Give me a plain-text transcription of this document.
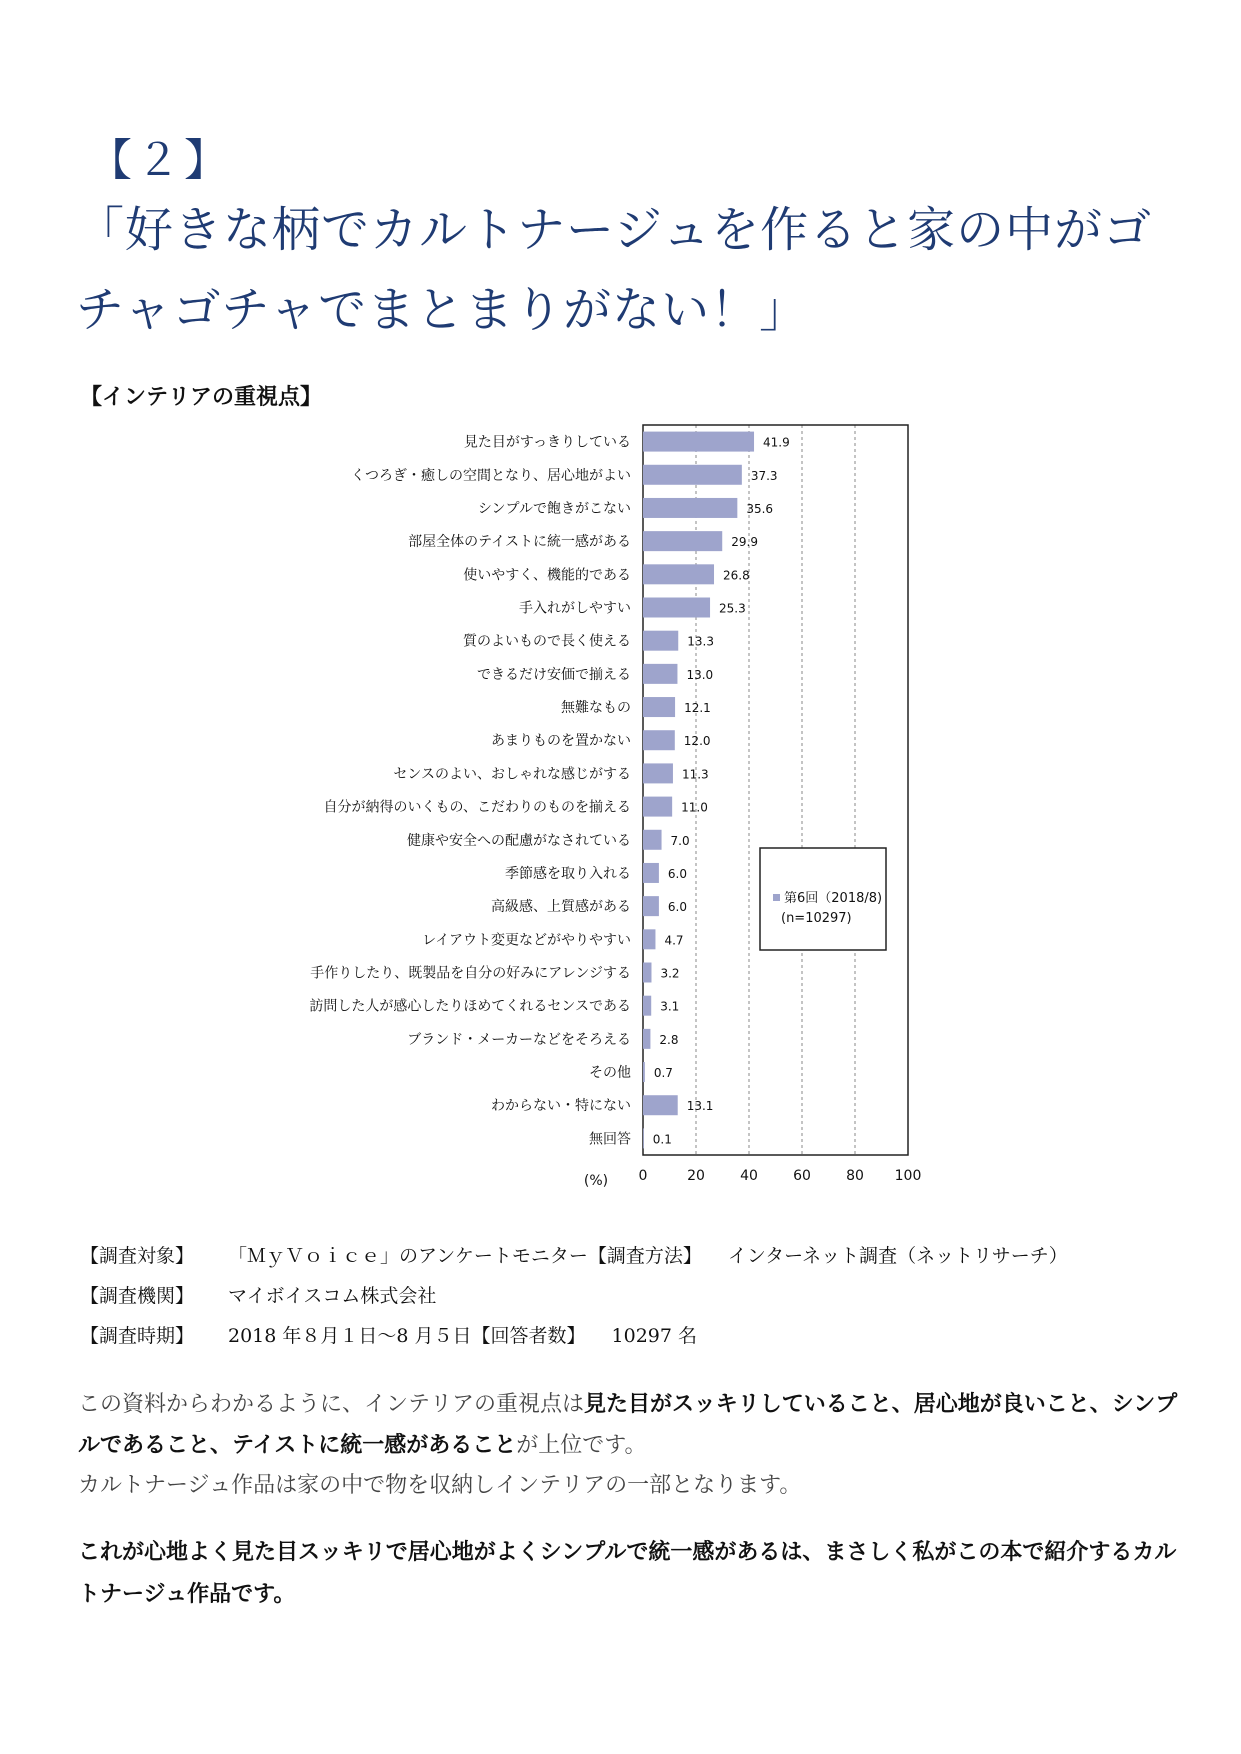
【２】
「好きな柄でカルトナージュを作ると家の中がゴチャゴチャでまとまりがない！」
【インテリアの重視点】
見た目がすっきりしている	41.9
くつろぎ・癒しの空間となり、居心地がよい	37.3
シンプルで飽きがこない	35.6
部屋全体のテイストに統一感がある	29.9
使いやすく、機能的である	26.8
手入れがしやすい	25.3
質のよいもので長く使える	13.3
できるだけ安価で揃える	13.0
無難なもの	12.1
あまりものを置かない	12.0
センスのよい、おしゃれな感じがする	11.3
自分が納得のいくもの、こだわりのものを揃える	11.0
健康や安全への配慮がなされている	7.0
季節感を取り入れる	6.0
高級感、上質感がある	6.0
レイアウト変更などがやりやすい	4.7
手作りしたり、既製品を自分の好みにアレンジする 3.2
訪問した人が感心したりほめてくれるセンスである 3.1
ブランド・メーカーなどをそろえる 2.8
その他 0.7
わからない・特にない	13.1
無回答 0.1
0	20	40	60	80 100
(%)
第6回（2018/8)
(n=10297)
【調査対象】 「ＭｙＶｏｉｃｅ」のアンケートモニター【調査方法】 インターネット調査（ネットリサーチ）
【調査機関】 マイボイスコム株式会社
【調査時期】 2018 年８月１日～8 月５日【回答者数】 10297 名
この資料からわかるように、インテリアの重視点は見た目がスッキリしていること、居心地が良いこと、シンプルであること、テイストに統一感があることが上位です。
カルトナージュ作品は家の中で物を収納しインテリアの一部となります。
これが心地よく見た目スッキリで居心地がよくシンプルで統一感があるは、まさしく私がこの本で紹介するカルトナージュ作品です。
